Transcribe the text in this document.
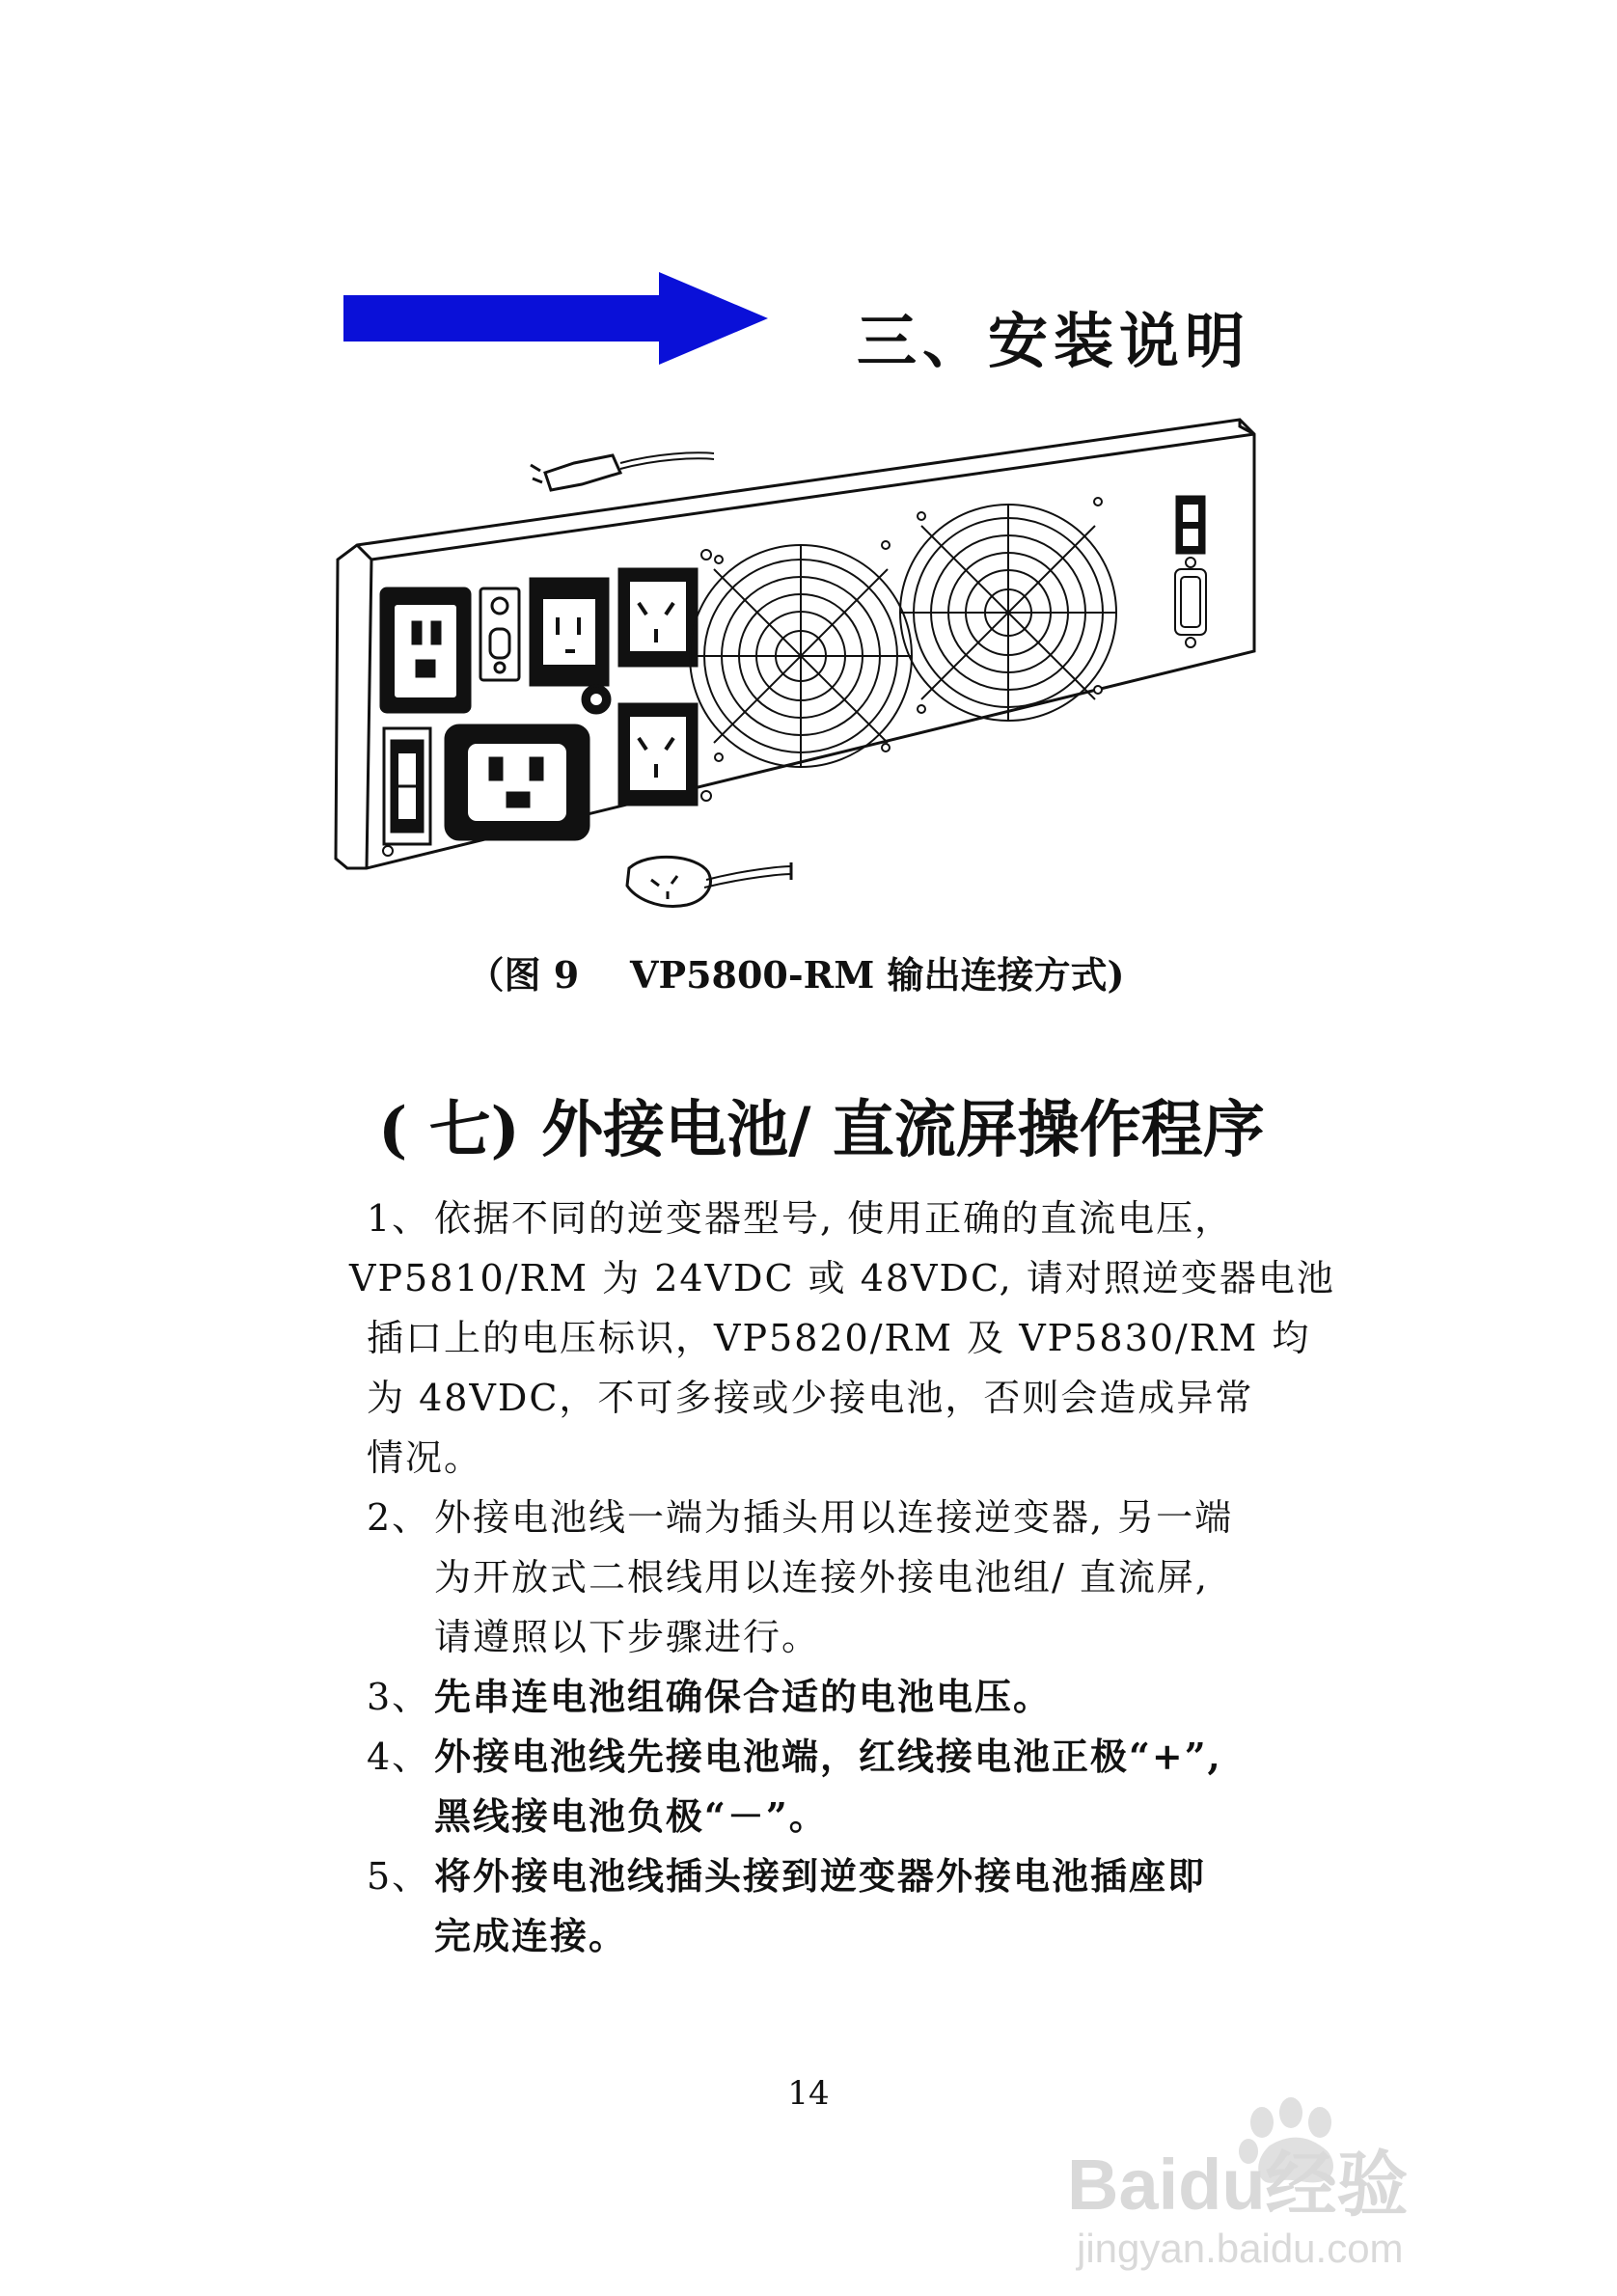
三、安装说明
（图 9    VP5800-RM 输出连接方式)
( 七) 外接电池/ 直流屏操作程序
1、 依据不同的逆变器型号, 使用正确的直流电压，
VP5810/RM 为 24VDC 或 48VDC, 请对照逆变器电池
插口上的电压标识，VP5820/RM 及 VP5830/RM 均
为 48VDC，不可多接或少接电池，否则会造成异常
情况。
2、 外接电池线一端为插头用以连接逆变器, 另一端
为开放式二根线用以连接外接电池组/ 直流屏,
请遵照以下步骤进行。
3、 先串连电池组确保合适的电池电压。
4、 外接电池线先接电池端，红线接电池正极“+”,
黑线接电池负极“－”。
5、 将外接电池线插头接到逆变器外接电池插座即
完成连接。
14
Baidu经验
jingyan.baidu.com
